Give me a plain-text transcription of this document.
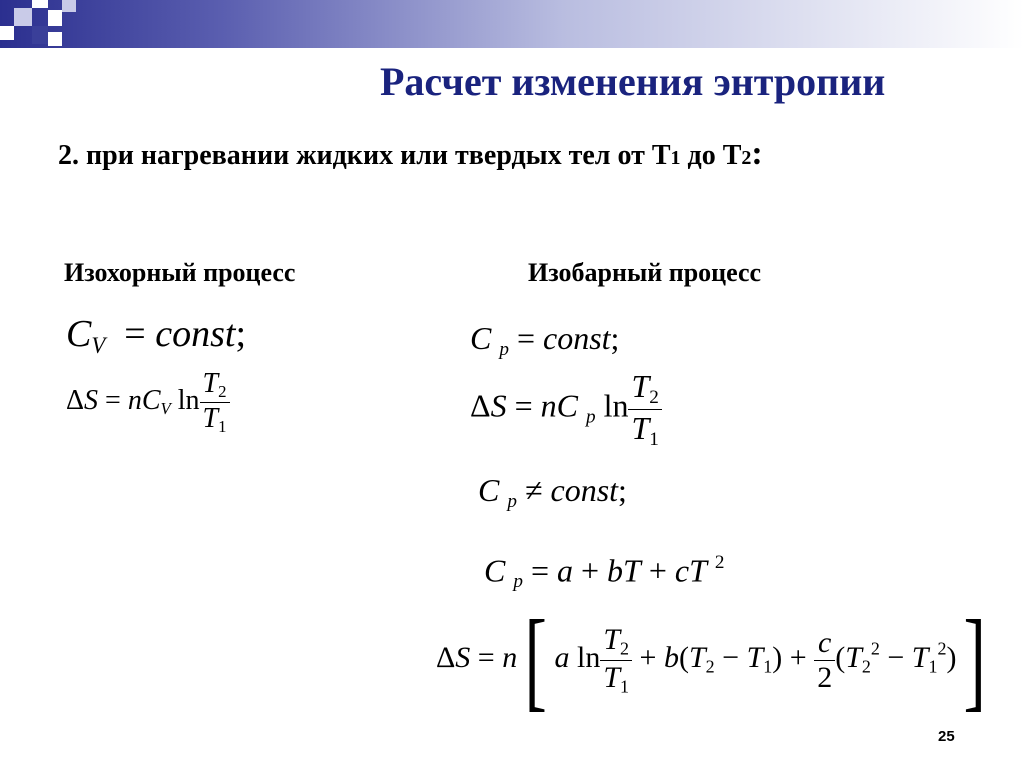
Расчет изменения энтропии
2. при нагревании жидких или твердых тел от Т1 до Т2:
Изохорный процесс	Изобарный процесс
CV  = const;
ΔS = nCV $\ln \frac{T2}{T1}$
C p = const;
ΔS = nC p $\ln \frac{T2}{T1}$
C p ≠ const;
C p = a + bT + cT $^2$
ΔS = n[ a $\ln \frac{T2}{T1} + b(T2 - T1) + \frac{c}{2} (T2^2 - T1^2)$]
25
